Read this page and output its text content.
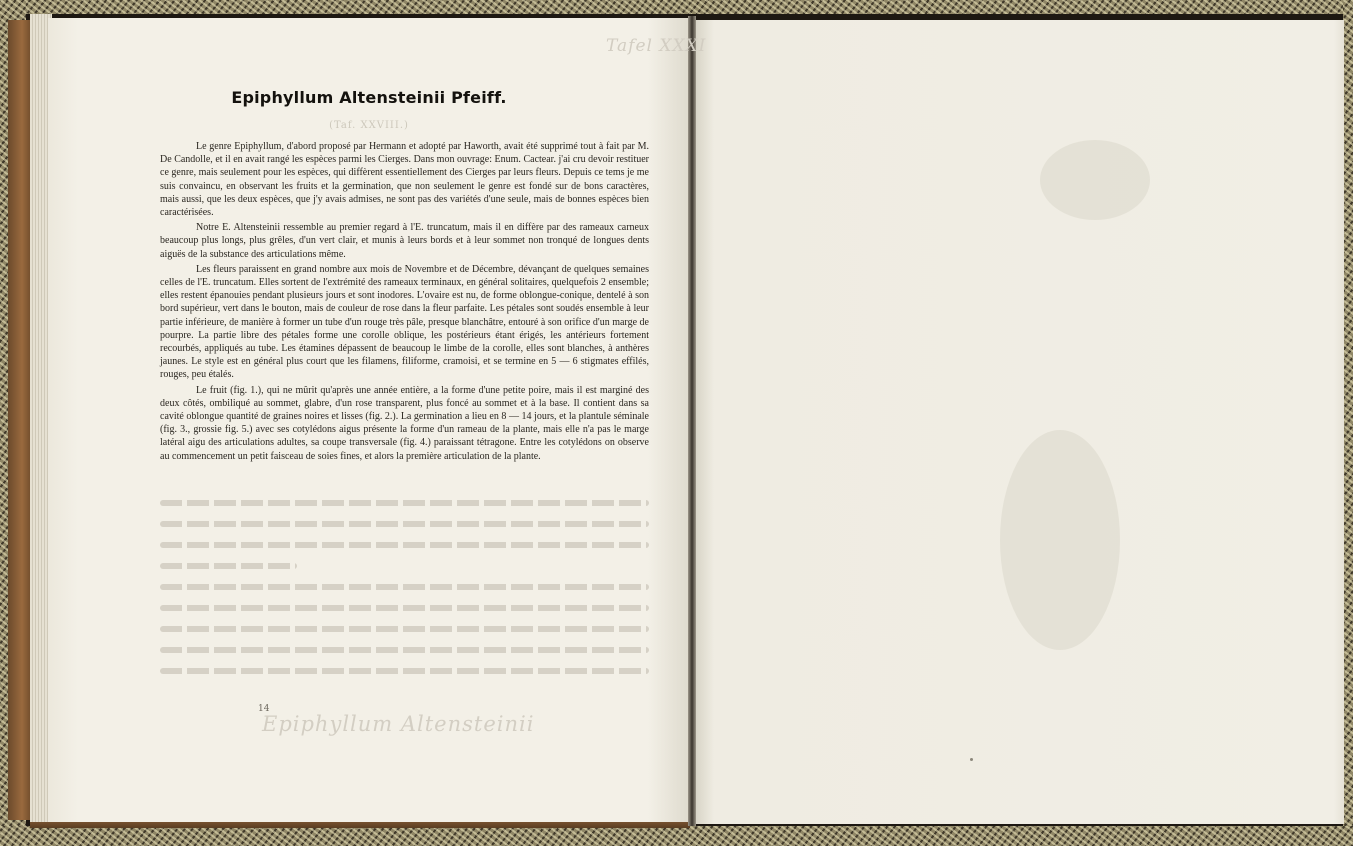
Tafel XXXI
Epiphyllum Altensteinii Pfeiff.
(Taf. XXVIII.)

Le genre Epiphyllum, d'abord proposé par Hermann et adopté par Haworth, avait été supprimé tout à fait par M. De Candolle, et il en avait rangé les espèces parmi les Cierges. Dans mon ouvrage: Enum. Cactear. j'ai cru devoir restituer ce genre, mais seulement pour les espèces, qui diffèrent essentiellement des Cierges par leurs fleurs. Depuis ce tems je me suis convaincu, en observant les fruits et la germination, que non seulement le genre est fondé sur de bons caractères, mais aussi, que les deux espèces, que j'y avais admises, ne sont pas des variétés d'une seule, mais de bonnes espèces bien caractérisées.

Notre E. Altensteinii ressemble au premier regard à l'E. truncatum, mais il en diffère par des rameaux carneux beaucoup plus longs, plus grêles, d'un vert clair, et munis à leurs bords et à leur sommet non tronqué de longues dents aiguës de la substance des articulations même.

Les fleurs paraissent en grand nombre aux mois de Novembre et de Décembre, dévançant de quelques semaines celles de l'E. truncatum. Elles sortent de l'extrémité des rameaux terminaux, en général solitaires, quelquefois 2 ensemble; elles restent épanouies pendant plusieurs jours et sont inodores. L'ovaire est nu, de forme oblongue-conique, dentelé à son bord supérieur, vert dans le bouton, mais de couleur de rose dans la fleur parfaite. Les pétales sont soudés ensemble à leur partie inférieure, de manière à former un tube d'un rouge très pâle, presque blanchâtre, entouré à son orifice d'un marge de pourpre. La partie libre des pétales forme une corolle oblique, les postérieurs étant érigés, les antérieurs fortement recourbés, appliqués au tube. Les étamines dépassent de beaucoup le limbe de la corolle, elles sont blanches, à anthères jaunes. Le style est en général plus court que les filamens, filiforme, cramoisi, et se termine en 5 — 6 stigmates effilés, rouges, peu étalés.

Le fruit (fig. 1.), qui ne mûrit qu'après une année entière, a la forme d'une petite poire, mais il est marginé des deux côtés, ombiliqué au sommet, glabre, d'un rose transparent, plus foncé au sommet et à la base. Il contient dans sa cavité oblongue quantité de graines noires et lisses (fig. 2.). La germination a lieu en 8 — 14 jours, et la plantule séminale (fig. 3., grossie fig. 5.) avec ses cotylédons aigus présente la forme d'un rameau de la plante, mais elle n'a pas le marge latéral aigu des articulations adultes, sa coupe transversale (fig. 4.) paraissant tétragone. Entre les cotylédons on observe au commencement un petit faisceau de soies fines, et alors la première articulation de la plante.

14
Epiphyllum Altensteinii
